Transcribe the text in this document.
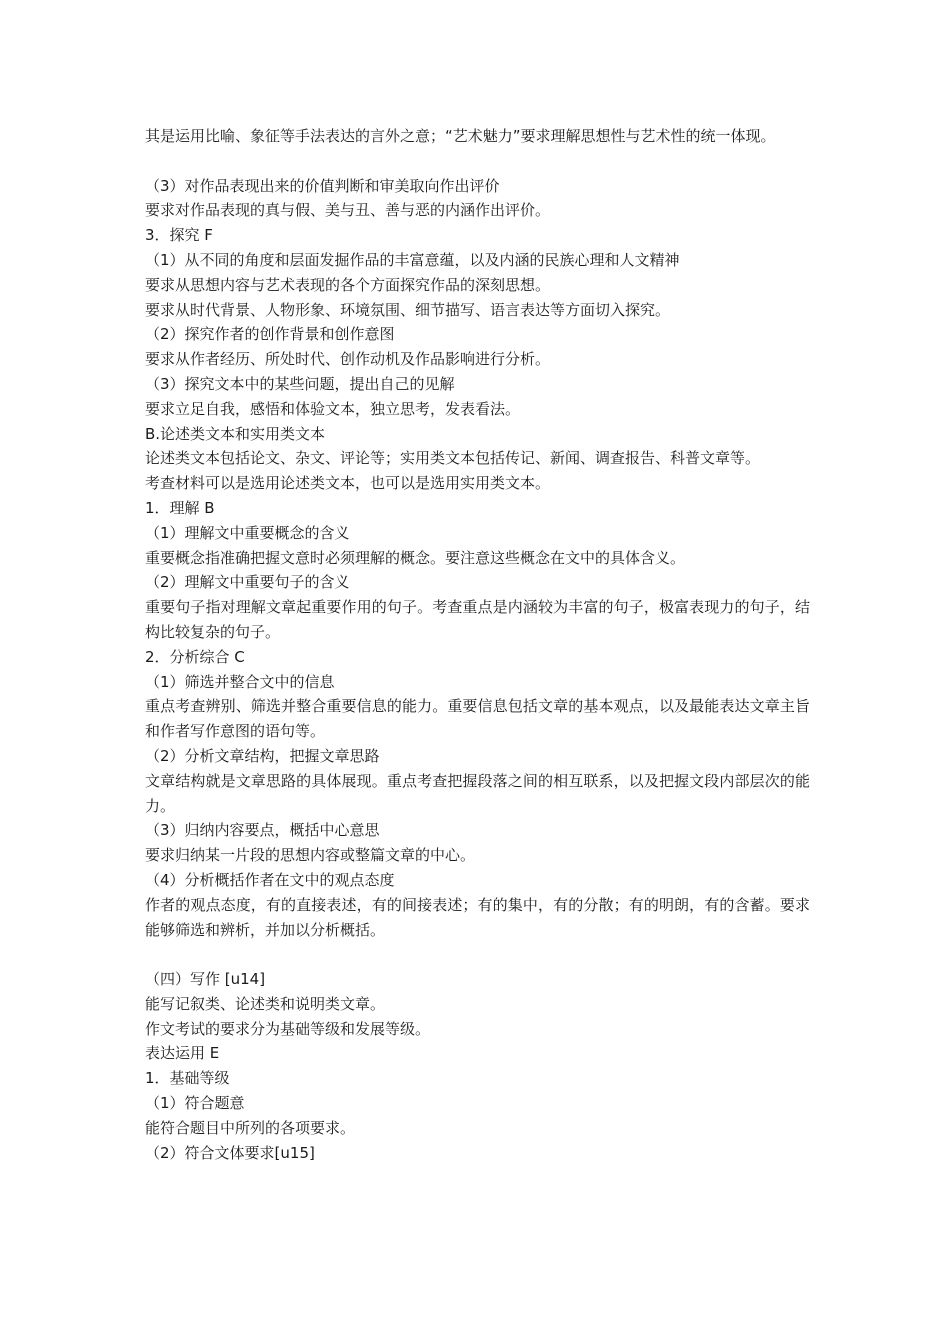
其是运用比喻、象征等手法表达的言外之意；“艺术魅力”要求理解思想性与艺术性的统一体现。
（3）对作品表现出来的价值判断和审美取向作出评价
要求对作品表现的真与假、美与丑、善与恶的内涵作出评价。
3．探究 F
（1）从不同的角度和层面发掘作品的丰富意蕴，以及内涵的民族心理和人文精神
要求从思想内容与艺术表现的各个方面探究作品的深刻思想。
要求从时代背景、人物形象、环境氛围、细节描写、语言表达等方面切入探究。
（2）探究作者的创作背景和创作意图
要求从作者经历、所处时代、创作动机及作品影响进行分析。
（3）探究文本中的某些问题，提出自己的见解
要求立足自我，感悟和体验文本，独立思考，发表看法。
B.论述类文本和实用类文本
论述类文本包括论文、杂文、评论等；实用类文本包括传记、新闻、调查报告、科普文章等。
考查材料可以是选用论述类文本，也可以是选用实用类文本。
1．理解 B
（1）理解文中重要概念的含义
重要概念指准确把握文意时必须理解的概念。要注意这些概念在文中的具体含义。
（2）理解文中重要句子的含义
重要句子指对理解文章起重要作用的句子。考查重点是内涵较为丰富的句子，极富表现力的句子，结构比较复杂的句子。
2．分析综合 C
（1）筛选并整合文中的信息
重点考查辨别、筛选并整合重要信息的能力。重要信息包括文章的基本观点，以及最能表达文章主旨和作者写作意图的语句等。
（2）分析文章结构，把握文章思路
文章结构就是文章思路的具体展现。重点考查把握段落之间的相互联系，以及把握文段内部层次的能力。
（3）归纳内容要点，概括中心意思
要求归纳某一片段的思想内容或整篇文章的中心。
（4）分析概括作者在文中的观点态度
作者的观点态度，有的直接表述，有的间接表述；有的集中，有的分散；有的明朗，有的含蓄。要求能够筛选和辨析，并加以分析概括。
（四）写作 [u14]
能写记叙类、论述类和说明类文章。
作文考试的要求分为基础等级和发展等级。
表达运用 E
1．基础等级
（1）符合题意
能符合题目中所列的各项要求。
（2）符合文体要求[u15]
